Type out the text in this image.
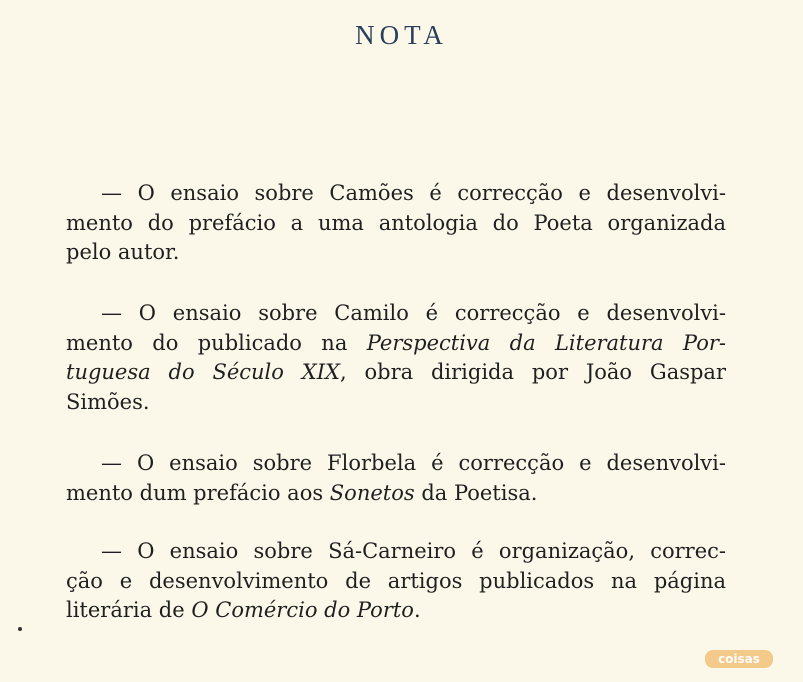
NOTA
— O ensaio sobre Camões é correcção e desenvolvi-
mento do prefácio a uma antologia do Poeta organizada
pelo autor.
— O ensaio sobre Camilo é correcção e desenvolvi-
mento do publicado na Perspectiva da Literatura Por-
tuguesa do Século XIX, obra dirigida por João Gaspar
Simões.
— O ensaio sobre Florbela é correcção e desenvolvi-
mento dum prefácio aos Sonetos da Poetisa.
— O ensaio sobre Sá-Carneiro é organização, correc-
ção e desenvolvimento de artigos publicados na página
literária de O Comércio do Porto.
coisas
